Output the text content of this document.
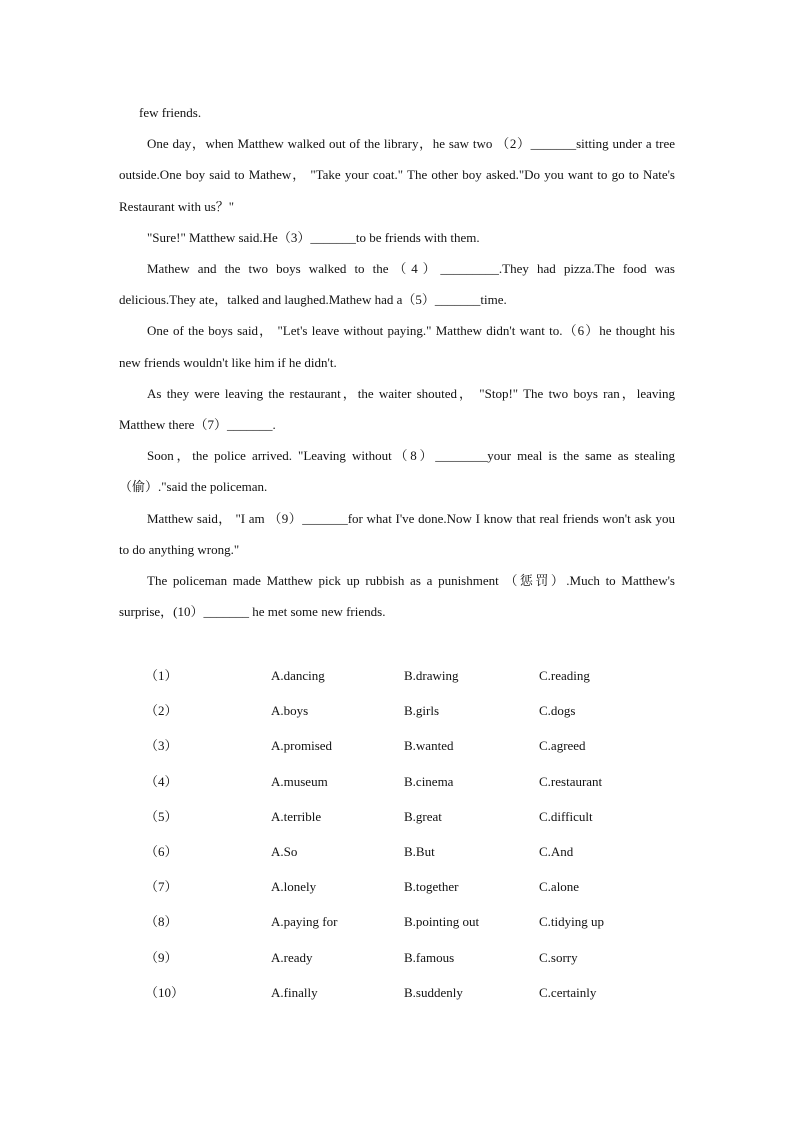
few friends.

One day，when Matthew walked out of the library，he saw two （2）_______sitting under a tree outside.One boy said to Mathew， "Take your coat." The other boy asked."Do you want to go to Nate's Restaurant with us？"

"Sure!" Matthew said.He（3）_______to be friends with them.

Mathew and the two boys walked to the（4）_________.They had pizza.The food was delicious.They ate，talked and laughed.Mathew had a（5）_______time.

One of the boys said， "Let's leave without paying." Matthew didn't want to.（6）he thought his new friends wouldn't like him if he didn't.

As they were leaving the restaurant，the waiter shouted， "Stop!" The two boys ran，leaving Matthew there（7）_______.

Soon，the police arrived. "Leaving without（8）________your meal is the same as stealing（偷）."said the policeman.

Matthew said， "I am （9）_______for what I've done.Now I know that real friends won't ask you to do anything wrong."

The policeman made Matthew pick up rubbish as a punishment （惩罚）.Much to Matthew's surprise，(10）_______ he met some new friends.

（1）	A.dancing	B.drawing	C.reading
（2）	A.boys	B.girls	C.dogs
（3）	A.promised	B.wanted	C.agreed
（4）	A.museum	B.cinema	C.restaurant
（5）	A.terrible	B.great	C.difficult
（6）	A.So	B.But	C.And
（7）	A.lonely	B.together	C.alone
（8）	A.paying for	B.pointing out	C.tidying up
（9）	A.ready	B.famous	C.sorry
（10）	A.finally	B.suddenly	C.certainly
